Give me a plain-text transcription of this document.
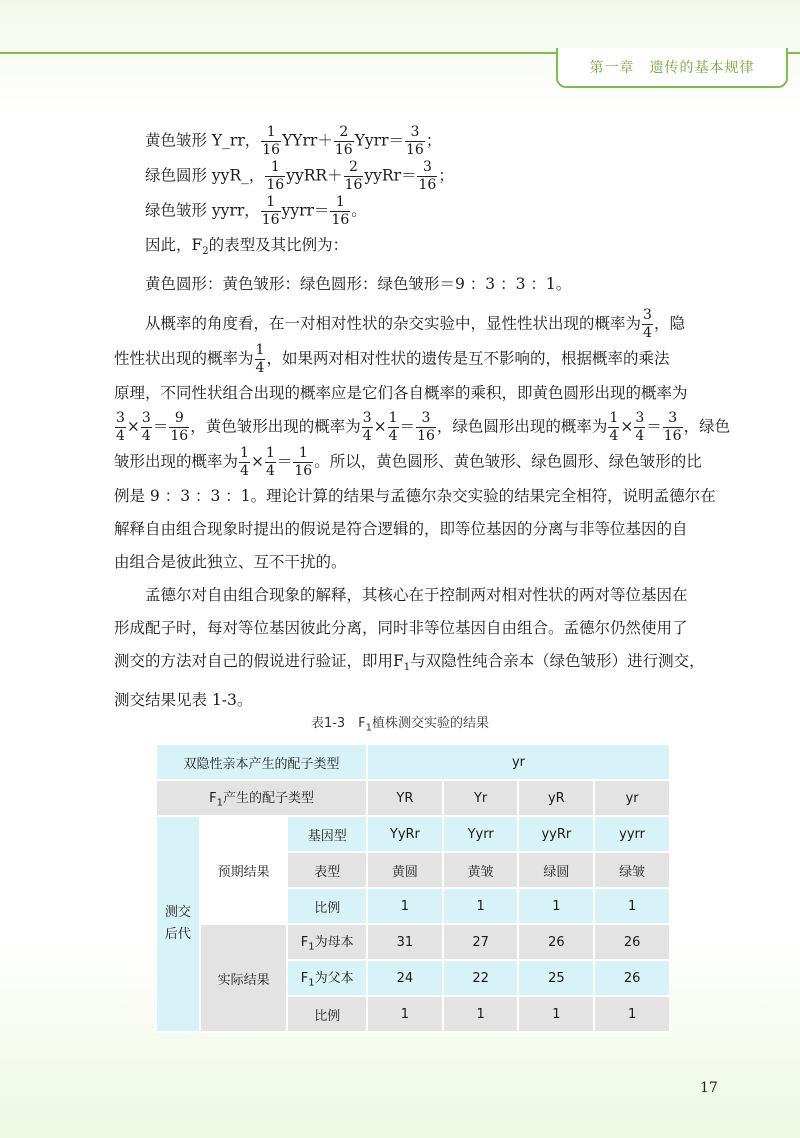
第一章　遗传的基本规律
黄色皱形 Y_rr， $\frac{1}{16}$ YYrr＋ $\frac{2}{16}$ Yyrr＝ $\frac{3}{16}$ ；
绿色圆形 yyR_， $\frac{1}{16}$ yyRR＋ $\frac{2}{16}$ yyRr＝ $\frac{3}{16}$ ；
绿色皱形 yyrr， $\frac{1}{16}$ yyrr＝ $\frac{1}{16}$ 。
因此，$F_2$的表型及其比例为：
黄色圆形：黄色皱形：绿色圆形：绿色皱形＝9 ：3 ：3 ：1。
从概率的角度看，在一对相对性状的杂交实验中，显性性状出现的概率为 $\frac{3}{4}$ ，隐
性性状出现的概率为 $\frac{1}{4}$ ，如果两对相对性状的遗传是互不影响的，根据概率的乘法
原理，不同性状组合出现的概率应是它们各自概率的乘积，即黄色圆形出现的概率为
$\frac{3}{4} \times \frac{3}{4} = \frac{9}{16}$ ，黄色皱形出现的概率为 $\frac{3}{4} \times \frac{1}{4} = \frac{3}{16}$ ，绿色圆形出现的概率为 $\frac{1}{4} \times \frac{3}{4} = \frac{3}{16}$ ，绿色
皱形出现的概率为 $\frac{1}{4} \times \frac{1}{4} = \frac{1}{16}$ 。所以，黄色圆形、黄色皱形、绿色圆形、绿色皱形的比
例是 9 ：3 ：3 ：1。理论计算的结果与孟德尔杂交实验的结果完全相符，说明孟德尔在
解释自由组合现象时提出的假说是符合逻辑的，即等位基因的分离与非等位基因的自
由组合是彼此独立、互不干扰的。
孟德尔对自由组合现象的解释，其核心在于控制两对相对性状的两对等位基因在
形成配子时，每对等位基因彼此分离，同时非等位基因自由组合。孟德尔仍然使用了
测交的方法对自己的假说进行验证，即用$F_1$与双隐性纯合亲本（绿色皱形）进行测交，
测交结果见表 1-3。
表1-3　$F_1$植株测交实验的结果
双隐性亲本产生的配子类型			yr			
$F_1$产生的配子类型			YR	Yr	yR	yr
测交
后代	预期结果	基因型	YyRr	Yyrr	yyRr	yyrr
		表型	黄圆	黄皱	绿圆	绿皱
		比例	1	1	1	1
	实际结果	$F_1$为母本	31	27	26	26
		$F_1$为父本	24	22	25	26
		比例	1	1	1	1
17
